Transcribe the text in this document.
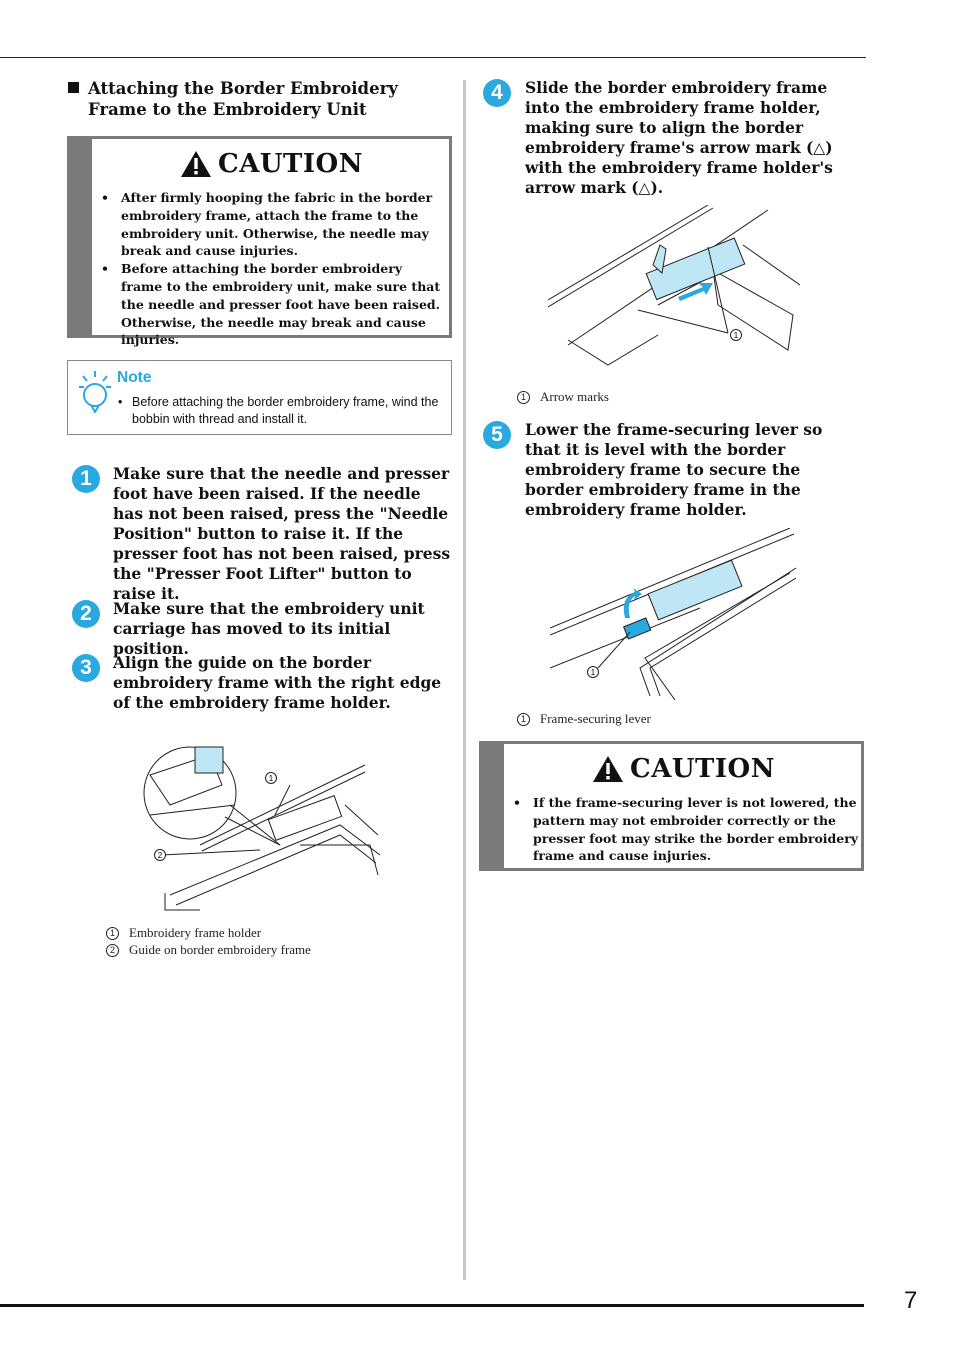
Attaching the Border Embroidery Frame to the Embroidery Unit
CAUTION
• After firmly hooping the fabric in the border embroidery frame, attach the frame to the embroidery unit. Otherwise, the needle may break and cause injuries.
• Before attaching the border embroidery frame to the embroidery unit, make sure that the needle and presser foot have been raised. Otherwise, the needle may break and cause injuries.
Note
• Before attaching the border embroidery frame, wind the bobbin with thread and install it.
1	Make sure that the needle and presser foot have been raised. If the needle has not been raised, press the "Needle Position" button to raise it. If the presser foot has not been raised, press the "Presser Foot Lifter" button to raise it.
2	Make sure that the embroidery unit carriage has moved to its initial position.
3	Align the guide on the border embroidery frame with the right edge of the embroidery frame holder.
1
2
1 Embroidery frame holder
2 Guide on border embroidery frame
4	Slide the border embroidery frame into the embroidery frame holder, making sure to align the border embroidery frame's arrow mark (△) with the embroidery frame holder's arrow mark (△).
1
1 Arrow marks
5	Lower the frame-securing lever so that it is level with the border embroidery frame to secure the border embroidery frame in the embroidery frame holder.
1
1 Frame-securing lever
CAUTION
• If the frame-securing lever is not lowered, the pattern may not embroider correctly or the presser foot may strike the border embroidery frame and cause injuries.
7
